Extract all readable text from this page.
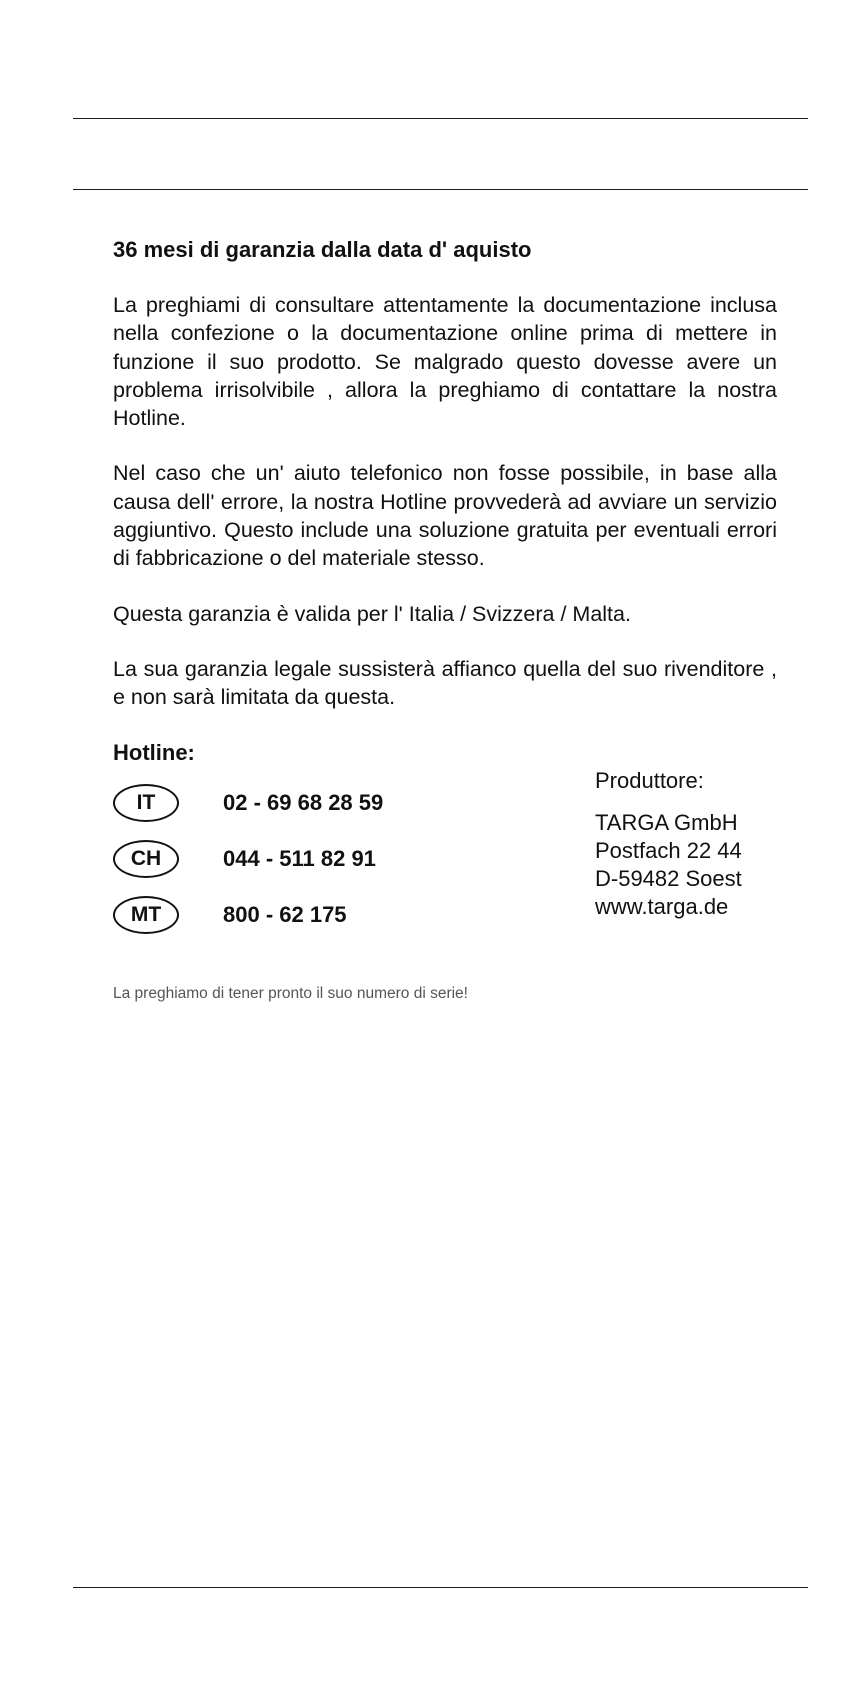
36 mesi di garanzia dalla data d' aquisto

La preghiami di consultare attentamente la documentazione inclusa nella confezione o la documentazione online prima di mettere in funzione il suo prodotto. Se malgrado questo dovesse avere un problema irrisolvibile , allora la preghiamo di contattare la nostra Hotline.

Nel caso che un' aiuto telefonico non fosse possibile, in base alla causa dell' errore, la nostra Hotline provvederà ad avviare un servizio aggiuntivo. Questo include una soluzione gratuita per eventuali errori di fabbricazione o del materiale stesso.

Questa garanzia è valida per l' Italia / Svizzera / Malta.

La sua garanzia legale sussisterà affianco quella del suo rivenditore , e non sarà limitata da questa.

Hotline:
IT	02 - 69 68 28 59
CH	044 - 511 82 91
MT	800 - 62 175
Produttore:
TARGA GmbH
Postfach 22 44
D-59482 Soest
www.targa.de
La preghiamo di tener pronto il suo numero di serie!
